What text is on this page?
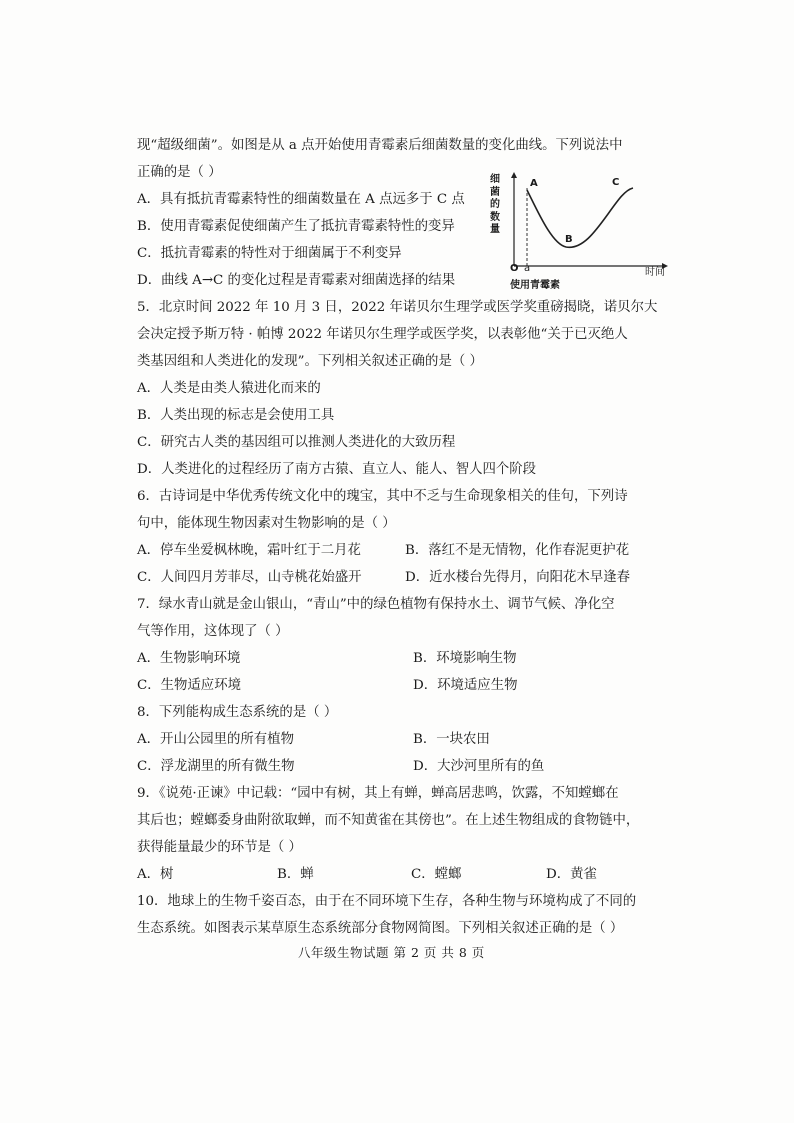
现“超级细菌”。如图是从 a 点开始使用青霉素后细菌数量的变化曲线。下列说法中
正确的是（ ）
A．具有抵抗青霉素特性的细菌数量在 A 点远多于 C 点
B．使用青霉素促使细菌产生了抵抗青霉素特性的变异
C．抵抗青霉素的特性对于细菌属于不利变异
D．曲线 A→C 的变化过程是青霉素对细菌选择的结果
细菌的数量
A
B
C
O a	时间
使用青霉素
5．北京时间 2022 年 10 月 3 日，2022 年诺贝尔生理学或医学奖重磅揭晓，诺贝尔大
会决定授予斯万特 · 帕博 2022 年诺贝尔生理学或医学奖，以表彰他“关于已灭绝人
类基因组和人类进化的发现”。下列相关叙述正确的是（ ）
A．人类是由类人猿进化而来的
B．人类出现的标志是会使用工具
C．研究古人类的基因组可以推测人类进化的大致历程
D．人类进化的过程经历了南方古猿、直立人、能人、智人四个阶段
6．古诗词是中华优秀传统文化中的瑰宝，其中不乏与生命现象相关的佳句，下列诗
句中，能体现生物因素对生物影响的是（ ）
A．停车坐爱枫林晚，霜叶红于二月花	B．落红不是无情物，化作春泥更护花
C．人间四月芳菲尽，山寺桃花始盛开	D．近水楼台先得月，向阳花木早逢春
7．绿水青山就是金山银山，“青山”中的绿色植物有保持水土、调节气候、净化空
气等作用，这体现了（ ）
A．生物影响环境	B．环境影响生物
C．生物适应环境	D．环境适应生物
8．下列能构成生态系统的是（ ）
A．开山公园里的所有植物	B．一块农田
C．浮龙湖里的所有微生物	D．大沙河里所有的鱼
9．《说苑·正谏》中记载：“园中有树，其上有蝉，蝉高居悲鸣，饮露，不知螳螂在
其后也；螳螂委身曲附欲取蝉，而不知黄雀在其傍也”。在上述生物组成的食物链中，
获得能量最少的环节是（ ）
A．树	B．蝉	C．螳螂	D．黄雀
10．地球上的生物千姿百态，由于在不同环境下生存，各种生物与环境构成了不同的
生态系统。如图表示某草原生态系统部分食物网简图。下列相关叙述正确的是（ ）
八年级生物试题 第 2 页 共 8 页
